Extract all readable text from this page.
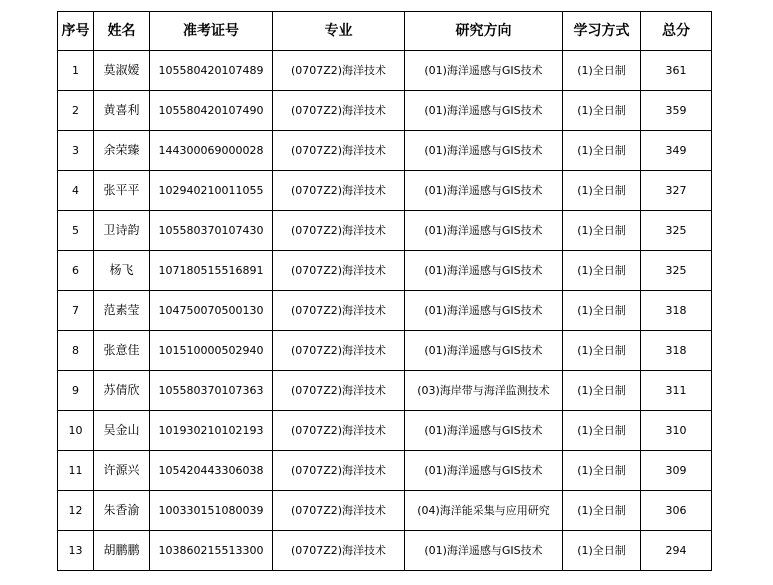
序号	姓名	准考证号	专业	研究方向	学习方式	总分
1	莫淑嫒	105580420107489	(0707Z2)海洋技术	(01)海洋遥感与GIS技术	(1)全日制	361
2	黄喜利	105580420107490	(0707Z2)海洋技术	(01)海洋遥感与GIS技术	(1)全日制	359
3	余荣臻	144300069000028	(0707Z2)海洋技术	(01)海洋遥感与GIS技术	(1)全日制	349
4	张平平	102940210011055	(0707Z2)海洋技术	(01)海洋遥感与GIS技术	(1)全日制	327
5	卫诗韵	105580370107430	(0707Z2)海洋技术	(01)海洋遥感与GIS技术	(1)全日制	325
6	杨飞	107180515516891	(0707Z2)海洋技术	(01)海洋遥感与GIS技术	(1)全日制	325
7	范素莹	104750070500130	(0707Z2)海洋技术	(01)海洋遥感与GIS技术	(1)全日制	318
8	张意佳	101510000502940	(0707Z2)海洋技术	(01)海洋遥感与GIS技术	(1)全日制	318
9	苏倩欣	105580370107363	(0707Z2)海洋技术	(03)海岸带与海洋监测技术	(1)全日制	311
10	吴金山	101930210102193	(0707Z2)海洋技术	(01)海洋遥感与GIS技术	(1)全日制	310
11	许源兴	105420443306038	(0707Z2)海洋技术	(01)海洋遥感与GIS技术	(1)全日制	309
12	朱香渝	100330151080039	(0707Z2)海洋技术	(04)海洋能采集与应用研究	(1)全日制	306
13	胡鹏鹏	103860215513300	(0707Z2)海洋技术	(01)海洋遥感与GIS技术	(1)全日制	294
